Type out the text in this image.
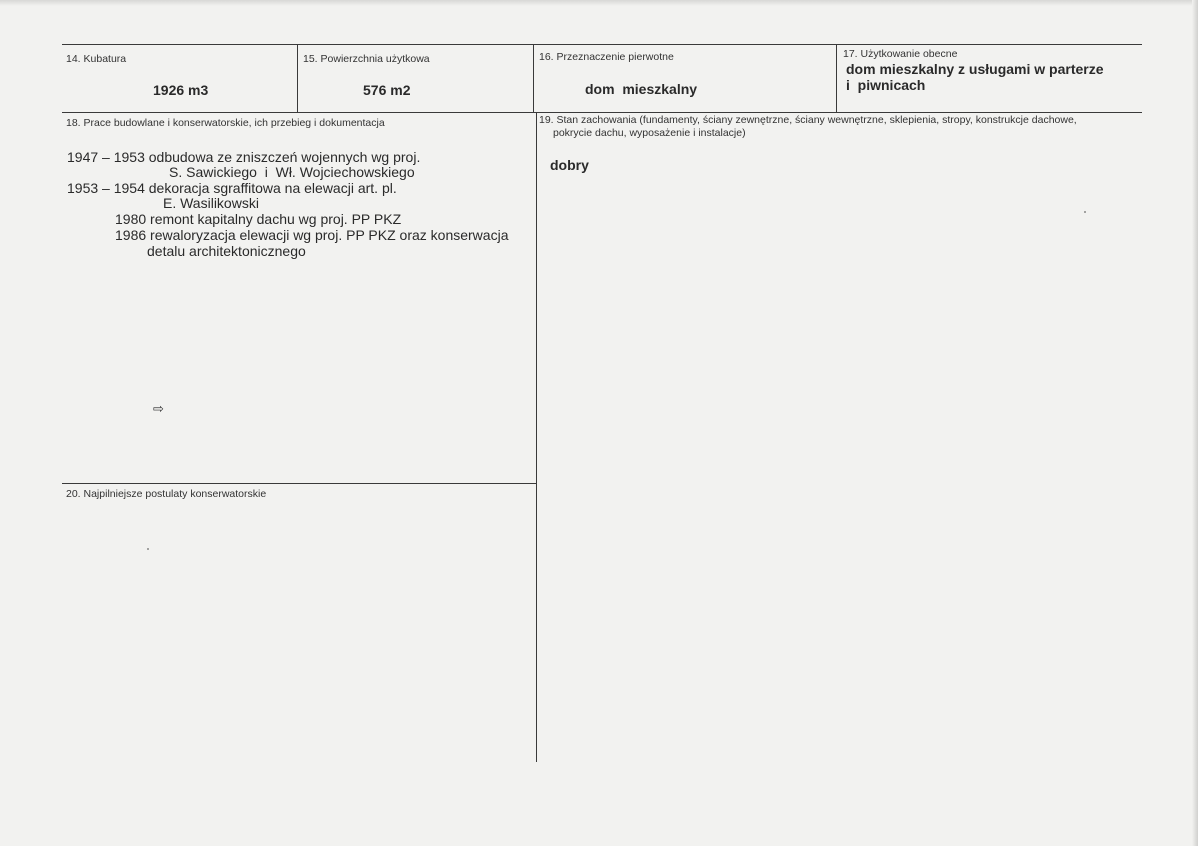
14. Kubatura
1926 m3
15. Powierzchnia użytkowa
576 m2
16. Przeznaczenie pierwotne
dom  mieszkalny
17. Użytkowanie obecne
dom mieszkalny z usługami w parterze
i  piwnicach
18. Prace budowlane i konserwatorskie, ich przebieg i dokumentacja
1947 – 1953 odbudowa ze zniszczeń wojennych wg proj.
S. Sawickiego  i  Wł. Wojciechowskiego
1953 – 1954 dekoracja sgraffitowa na elewacji art. pl.
E. Wasilikowski
1980 remont kapitalny dachu wg proj. PP PKZ
1986 rewaloryzacja elewacji wg proj. PP PKZ oraz konserwacja
detalu architektonicznego
⇨
19. Stan zachowania (fundamenty, ściany zewnętrzne, ściany wewnętrzne, sklepienia, stropy, konstrukcje dachowe,
pokrycie dachu, wyposażenie i instalacje)
dobry
20. Najpilniejsze postulaty konserwatorskie
